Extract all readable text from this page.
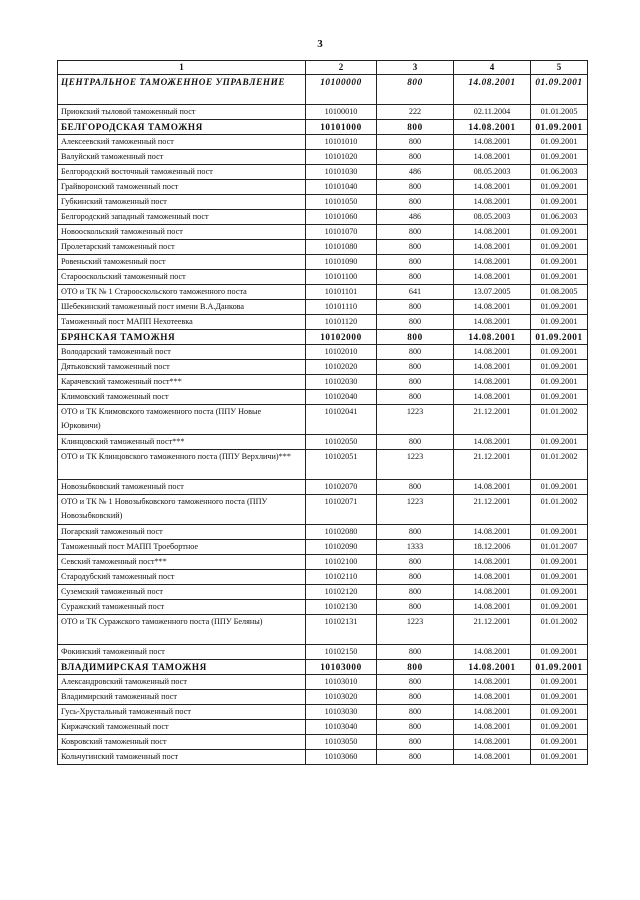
3
1	2	3	4	5
ЦЕНТРАЛЬНОЕ ТАМОЖЕННОЕ УПРАВЛЕНИЕ	10100000	800	14.08.2001	01.09.2001
Приокский тыловой таможенный пост	10100010	222	02.11.2004	01.01.2005
БЕЛГОРОДСКАЯ ТАМОЖНЯ	10101000	800	14.08.2001	01.09.2001
Алексеевский таможенный пост	10101010	800	14.08.2001	01.09.2001
Валуйский таможенный пост	10101020	800	14.08.2001	01.09.2001
Белгородский восточный таможенный пост	10101030	486	08.05.2003	01.06.2003
Грайворонский таможенный пост	10101040	800	14.08.2001	01.09.2001
Губкинский таможенный пост	10101050	800	14.08.2001	01.09.2001
Белгородский западный таможенный пост	10101060	486	08.05.2003	01.06.2003
Новооскольский таможенный пост	10101070	800	14.08.2001	01.09.2001
Пролетарский таможенный пост	10101080	800	14.08.2001	01.09.2001
Ровеньский таможенный пост	10101090	800	14.08.2001	01.09.2001
Старооскольский таможенный пост	10101100	800	14.08.2001	01.09.2001
ОТО и ТК № 1 Старооскольского таможенного поста	10101101	641	13.07.2005	01.08.2005
Шебекинский таможенный пост имени В.А.Данкова	10101110	800	14.08.2001	01.09.2001
Таможенный пост МАПП Нехотеевка	10101120	800	14.08.2001	01.09.2001
БРЯНСКАЯ ТАМОЖНЯ	10102000	800	14.08.2001	01.09.2001
Володарский таможенный пост	10102010	800	14.08.2001	01.09.2001
Дятьковский таможенный пост	10102020	800	14.08.2001	01.09.2001
Карачевский таможенный пост***	10102030	800	14.08.2001	01.09.2001
Климовский таможенный пост	10102040	800	14.08.2001	01.09.2001
ОТО и ТК Климовского таможенного поста (ППУ Новые Юрковичи)	10102041	1223	21.12.2001	01.01.2002
Клинцовский таможенный пост***	10102050	800	14.08.2001	01.09.2001
ОТО и ТК Клинцовского таможенного поста (ППУ Верхличи)***	10102051	1223	21.12.2001	01.01.2002
Новозыбковский таможенный пост	10102070	800	14.08.2001	01.09.2001
ОТО и ТК № 1 Новозыбковского таможенного поста (ППУ Новозыбковский)	10102071	1223	21.12.2001	01.01.2002
Погарский таможенный пост	10102080	800	14.08.2001	01.09.2001
Таможенный пост МАПП Троебортное	10102090	1333	18.12.2006	01.01.2007
Севский таможенный пост***	10102100	800	14.08.2001	01.09.2001
Стародубский таможенный пост	10102110	800	14.08.2001	01.09.2001
Суземский таможенный пост	10102120	800	14.08.2001	01.09.2001
Суражский таможенный пост	10102130	800	14.08.2001	01.09.2001
ОТО и ТК Суражского таможенного поста (ППУ Беляны)	10102131	1223	21.12.2001	01.01.2002
Фокинский таможенный пост	10102150	800	14.08.2001	01.09.2001
ВЛАДИМИРСКАЯ ТАМОЖНЯ	10103000	800	14.08.2001	01.09.2001
Александровский таможенный пост	10103010	800	14.08.2001	01.09.2001
Владимирский таможенный пост	10103020	800	14.08.2001	01.09.2001
Гусь-Хрустальный таможенный пост	10103030	800	14.08.2001	01.09.2001
Киржачский таможенный пост	10103040	800	14.08.2001	01.09.2001
Ковровский таможенный пост	10103050	800	14.08.2001	01.09.2001
Кольчугинский таможенный пост	10103060	800	14.08.2001	01.09.2001
